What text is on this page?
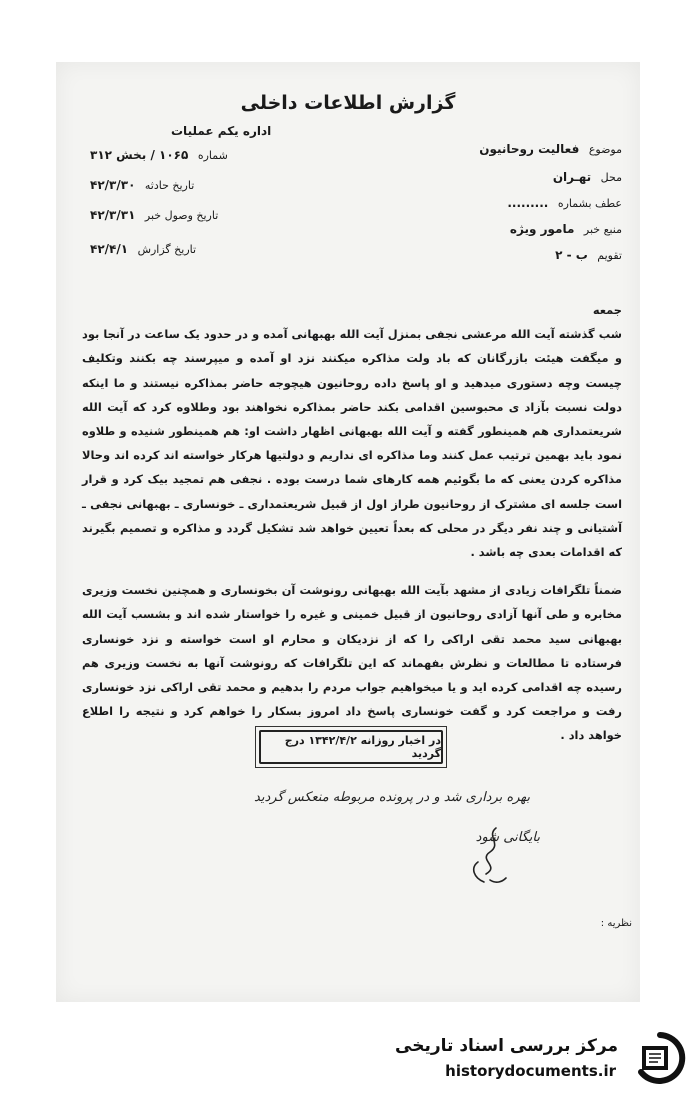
گزارش اطلاعات داخلی
اداره یکم عملیات
شماره ۱۰۶۵ / بخش ۳۱۲
تاریخ حادثه ۴۲/۳/۳۰
تاریخ وصول خبر ۴۲/۳/۳۱
تاریخ گزارش ۴۲/۴/۱
موضوع فعالیت روحانیون
محل تهـران
عطف بشماره .........
منبع خبر مامور ویژه
تقویم ب - ۲

جمعه

شب گذشته آیت الله مرعشی نجفی بمنزل آیت الله بهبهانی آمده و در حدود یک ساعت در آنجا بود و میگفت هیئت بازرگانان که باد ولت مذاکره میکنند نزد او آمده و میپرسند چه بکنند وتکلیف چیست وچه دستوری میدهید و او پاسخ داده روحانیون هیچوجه حاضر بمذاکره نیستند و ما اینکه دولت نسبت بآزاد ی محبوسین اقدامی بکند حاضر بمذاکره نخواهند بود وطلاوه کرد که آیت الله شریعتمداری هم همینطور گفته و آیت الله بهبهانی اظهار داشت او: هم همینطور شنیده و طلاوه نمود باید بهمین ترتیب عمل کنند وما مذاکره ای نداریم و دولتیها هرکار خواسته اند کرده اند وحالا مذاکره کردن یعنی که ما بگوئیم همه کارهای شما درست بوده . نجفی هم تمجید بیک کرد و قرار است جلسه ای مشترک از روحانیون طراز اول از قبیل شریعتمداری ـ خونساری ـ بهبهانی نجفی ـ آشتیانی و چند نفر دیگر در محلی که بعداً تعیین خواهد شد تشکیل گردد و مذاکره و تصمیم بگیرند که اقدامات بعدی چه باشد .

ضمناً تلگرافات زیادی از مشهد بآیت الله بهبهانی رونوشت آن بخونساری و همچنین نخست وزیری مخابره و طی آنها آزادی روحانیون از قبیل خمینی و غیره را خواستار شده اند و بشسب آیت الله بهبهانی سید محمد تقی اراکی را که از نزدیکان و محارم او است خواسته و نزد خونساری فرستاده تا مطالعات و نظرش بفهماند که این تلگرافات که رونوشت آنها به نخست وزیری هم رسیده چه اقدامی کرده اید و یا میخواهیم جواب مردم را بدهیم و محمد تقی اراکی نزد خونساری رفت و مراجعت کرد و گفت خونساری پاسخ داد امروز بسکار را خواهم کرد و نتیجه را اطلاع خواهد داد .

در اخبار روزانه ۱۳۴۲/۴/۲ درج گردید
بهره برداری شد و در پرونده مربوطه منعکس گردید
بایگانی شود
نظریه :
مرکز بررسی اسناد تاریخی
historydocuments.ir
